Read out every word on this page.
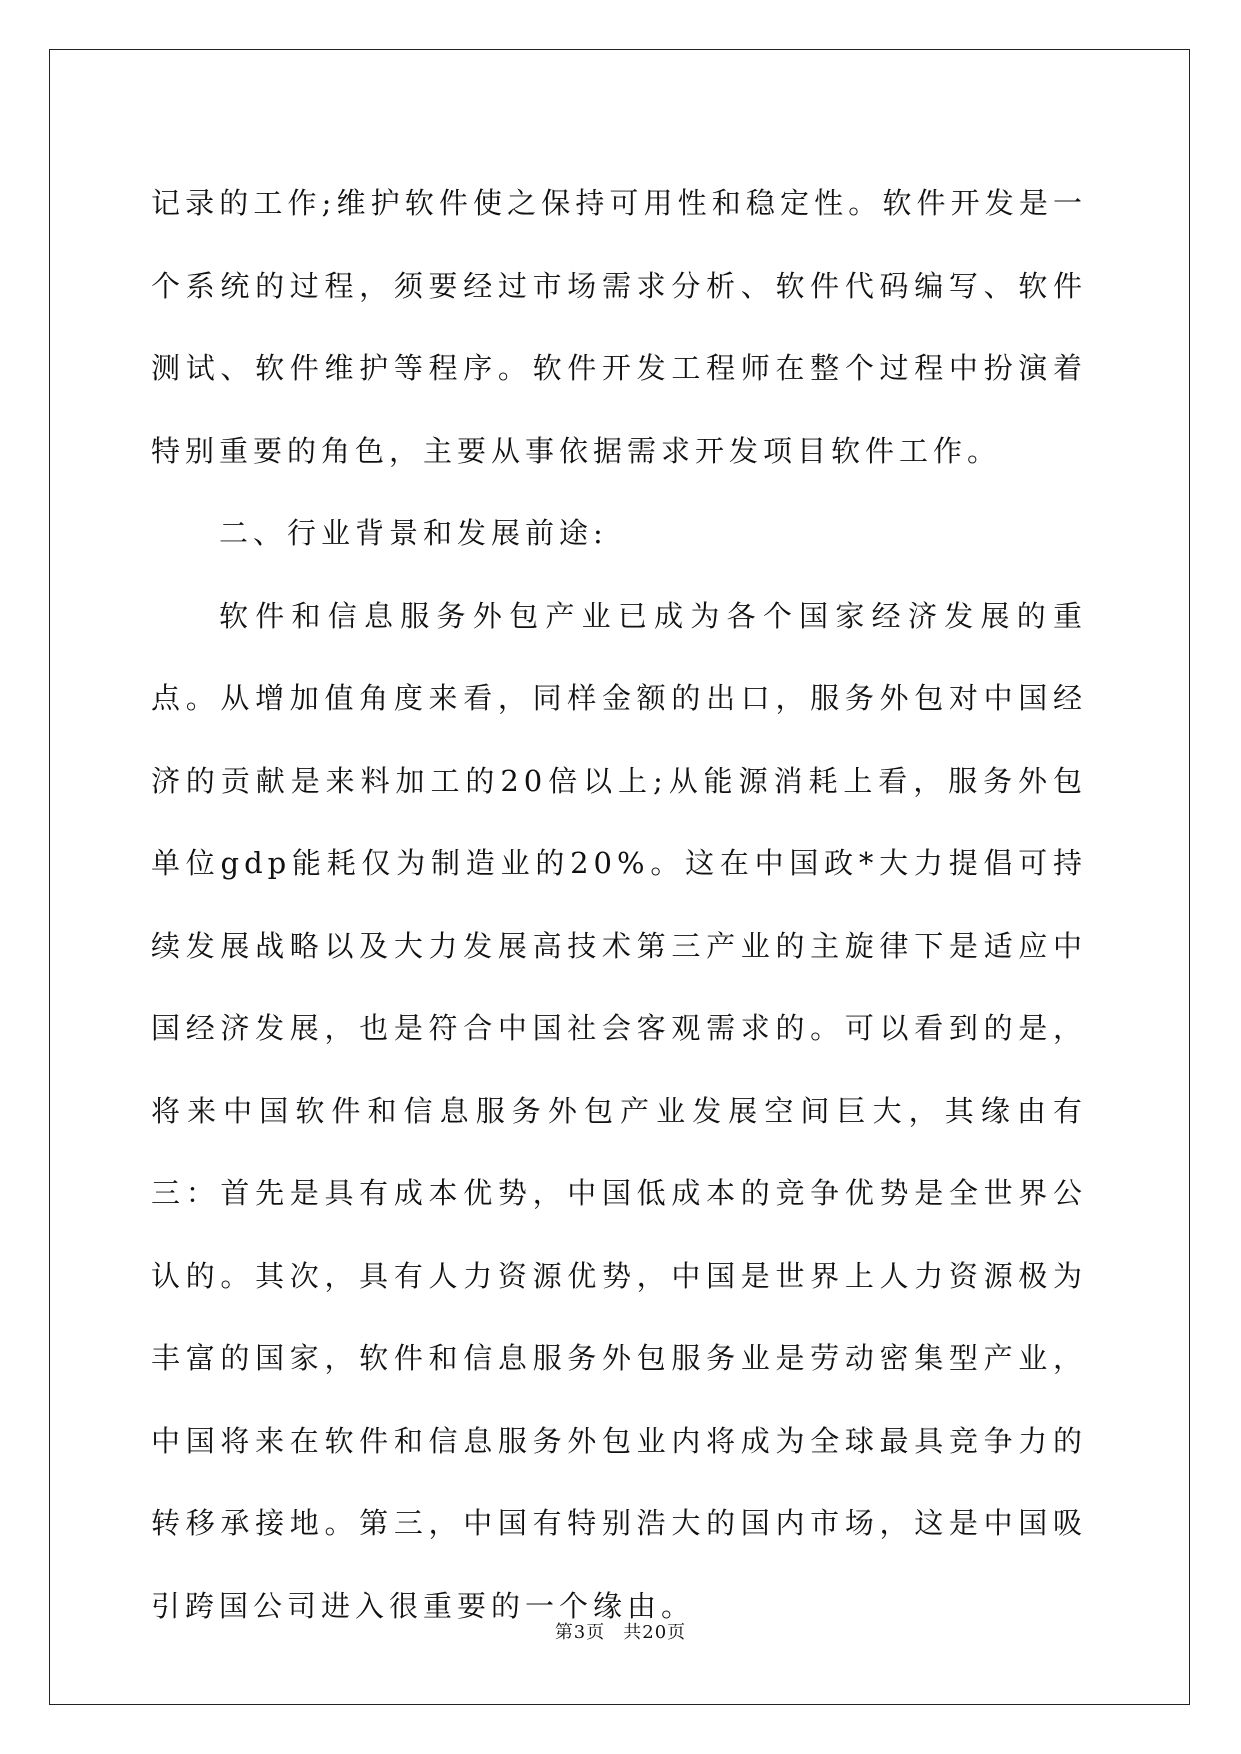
记录的工作;维护软件使之保持可用性和稳定性。软件开发是一个系统的过程，须要经过市场需求分析、软件代码编写、软件测试、软件维护等程序。软件开发工程师在整个过程中扮演着特别重要的角色，主要从事依据需求开发项目软件工作。

二、行业背景和发展前途:

软件和信息服务外包产业已成为各个国家经济发展的重点。从增加值角度来看，同样金额的出口，服务外包对中国经济的贡献是来料加工的20倍以上;从能源消耗上看，服务外包单位gdp能耗仅为制造业的20%。这在中国政*大力提倡可持续发展战略以及大力发展高技术第三产业的主旋律下是适应中国经济发展，也是符合中国社会客观需求的。可以看到的是，将来中国软件和信息服务外包产业发展空间巨大，其缘由有三：首先是具有成本优势，中国低成本的竞争优势是全世界公认的。其次，具有人力资源优势，中国是世界上人力资源极为丰富的国家，软件和信息服务外包服务业是劳动密集型产业，中国将来在软件和信息服务外包业内将成为全球最具竞争力的转移承接地。第三，中国有特别浩大的国内市场，这是中国吸引跨国公司进入很重要的一个缘由。

第3页 共20页
